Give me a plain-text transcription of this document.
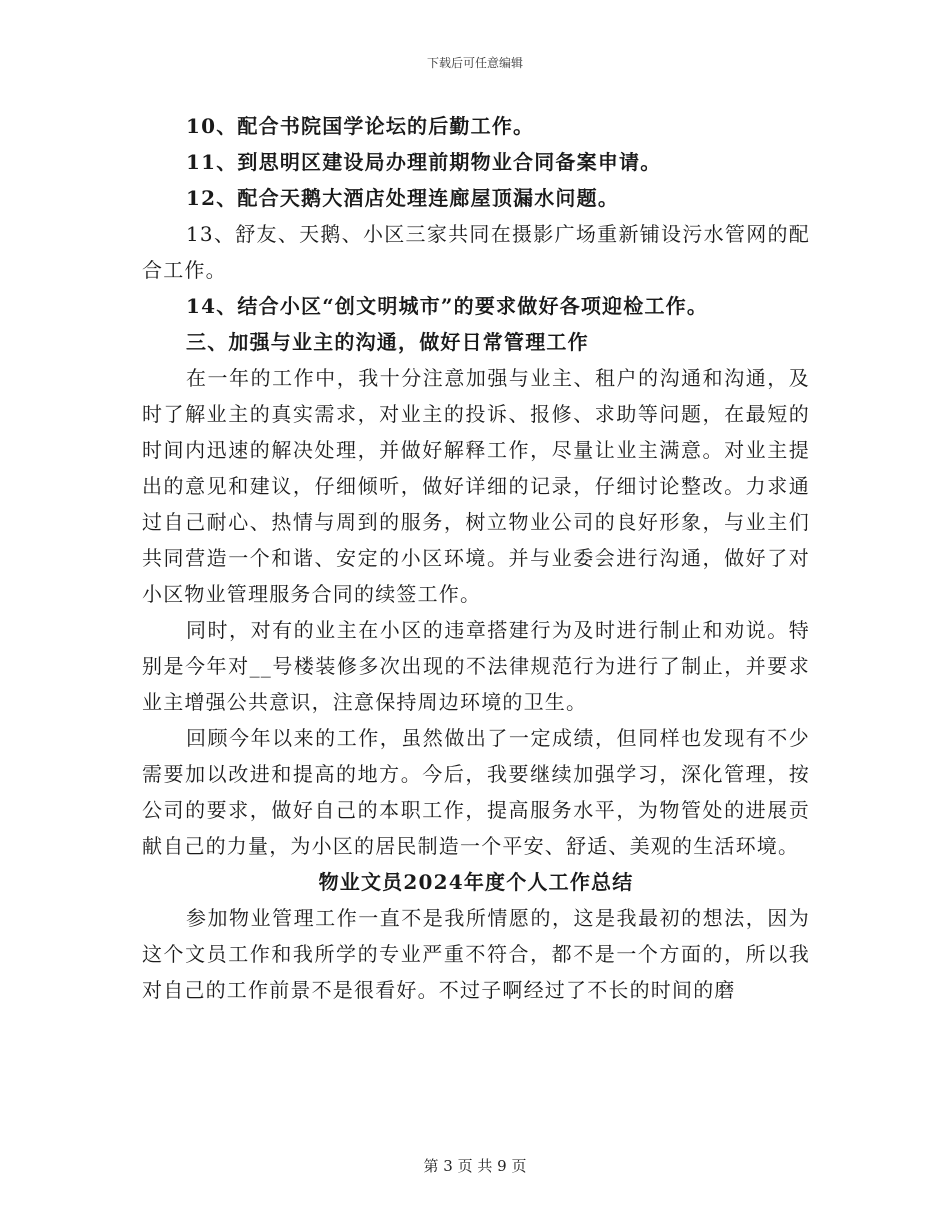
下载后可任意编辑

10、配合书院国学论坛的后勤工作。

11、到思明区建设局办理前期物业合同备案申请。

12、配合天鹅大酒店处理连廊屋顶漏水问题。

13、舒友、天鹅、小区三家共同在摄影广场重新铺设污水管网的配合工作。

14、结合小区“创文明城市”的要求做好各项迎检工作。

三、加强与业主的沟通，做好日常管理工作

在一年的工作中，我十分注意加强与业主、租户的沟通和沟通，及时了解业主的真实需求，对业主的投诉、报修、求助等问题，在最短的时间内迅速的解决处理，并做好解释工作，尽量让业主满意。对业主提出的意见和建议，仔细倾听，做好详细的记录，仔细讨论整改。力求通过自己耐心、热情与周到的服务，树立物业公司的良好形象，与业主们共同营造一个和谐、安定的小区环境。并与业委会进行沟通，做好了对小区物业管理服务合同的续签工作。

同时，对有的业主在小区的违章搭建行为及时进行制止和劝说。特别是今年对__号楼装修多次出现的不法律规范行为进行了制止，并要求业主增强公共意识，注意保持周边环境的卫生。

回顾今年以来的工作，虽然做出了一定成绩，但同样也发现有不少需要加以改进和提高的地方。今后，我要继续加强学习，深化管理，按公司的要求，做好自己的本职工作，提高服务水平，为物管处的进展贡献自己的力量，为小区的居民制造一个平安、舒适、美观的生活环境。

物业文员2024年度个人工作总结

参加物业管理工作一直不是我所情愿的，这是我最初的想法，因为这个文员工作和我所学的专业严重不符合，都不是一个方面的，所以我对自己的工作前景不是很看好。不过子啊经过了不长的时间的磨

第 3 页 共 9 页
